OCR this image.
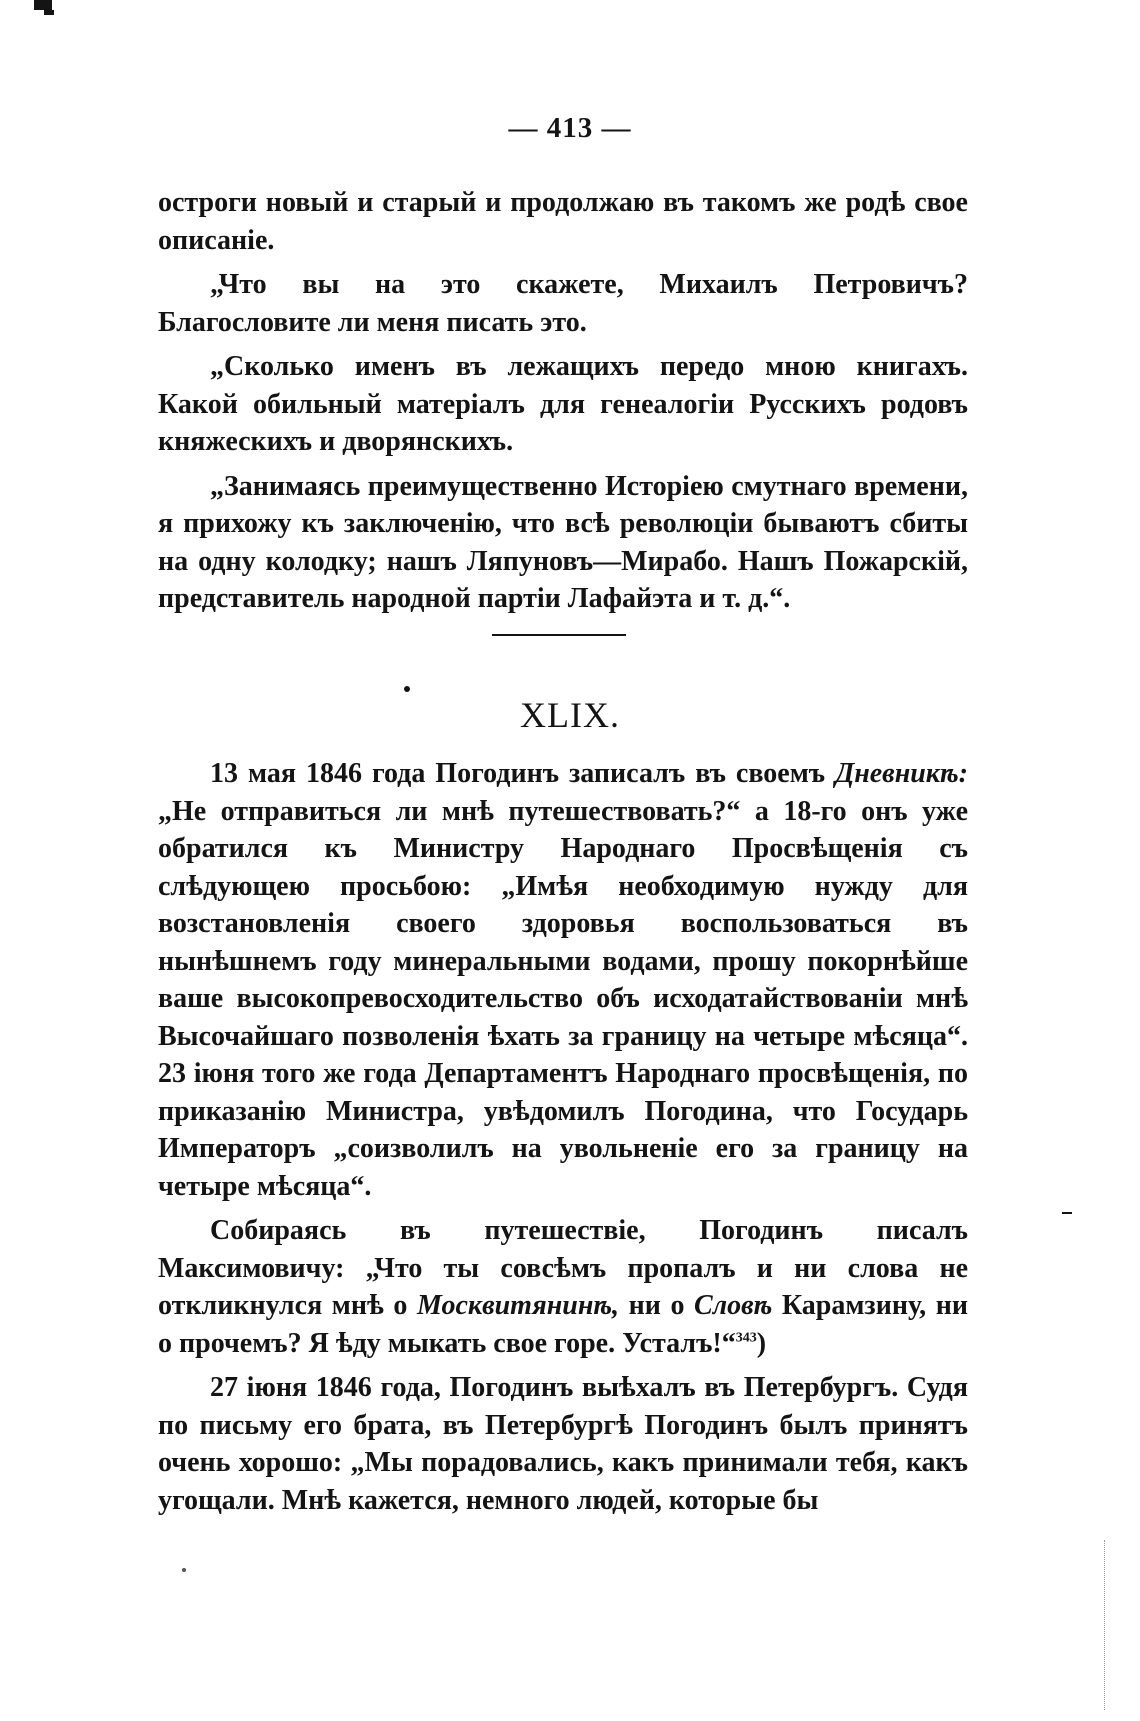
— 413 —

остроги новый и старый и продолжаю въ такомъ же родѣ свое описаніе.

„Что вы на это скажете, Михаилъ Петровичъ? Благословите ли меня писать это.

„Сколько именъ въ лежащихъ передо мною книгахъ. Какой обильный матеріалъ для генеалогіи Русскихъ родовъ княжескихъ и дворянскихъ.

„Занимаясь преимущественно Исторіею смутнаго времени, я прихожу къ заключенію, что всѣ революціи бываютъ сбиты на одну колодку; нашъ Ляпуновъ—Мирабо. Нашъ Пожарскій, представитель народной партіи Лафайэта и т. д.“.

XLIX.

13 мая 1846 года Погодинъ записалъ въ своемъ Дневникѣ: „Не отправиться ли мнѣ путешествовать?“ а 18-го онъ уже обратился къ Министру Народнаго Просвѣщенія съ слѣдующею просьбою: „Имѣя необходимую нужду для возстановленія своего здоровья воспользоваться въ нынѣшнемъ году минеральными водами, прошу покорнѣйше ваше высокопревосходительство объ исходатайствованіи мнѣ Высочайшаго позволенія ѣхать за границу на четыре мѣсяца“. 23 іюня того же года Департаментъ Народнаго просвѣщенія, по приказанію Министра, увѣдомилъ Погодина, что Государь Императоръ „соизволилъ на увольненіе его за границу на четыре мѣсяца“.

Собираясь въ путешествіе, Погодинъ писалъ Максимовичу: „Что ты совсѣмъ пропалъ и ни слова не откликнулся мнѣ о Москвитянинѣ, ни о Словѣ Карамзину, ни о прочемъ? Я ѣду мыкать свое горе. Усталъ!“$^{343}$)

27 іюня 1846 года, Погодинъ выѣхалъ въ Петербургъ. Судя по письму его брата, въ Петербургѣ Погодинъ былъ принятъ очень хорошо: „Мы порадовались, какъ принимали тебя, какъ угощали. Мнѣ кажется, немного людей, которые бы
